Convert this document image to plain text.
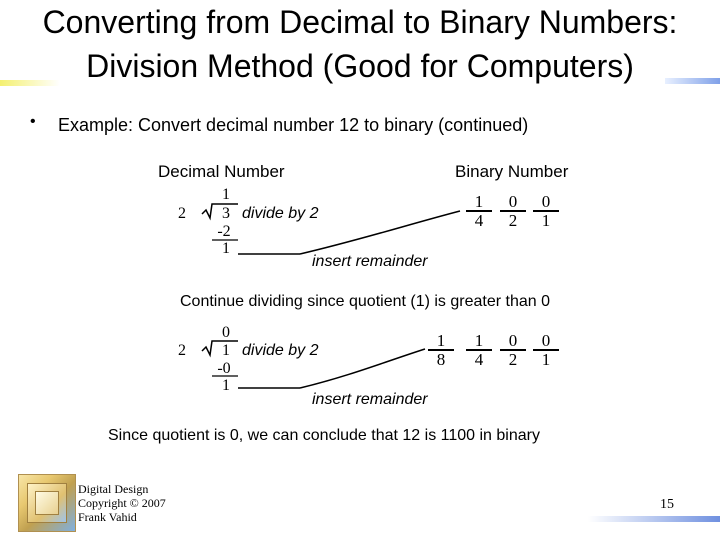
Converting from Decimal to Binary Numbers: Division Method (Good for Computers)
• Example: Convert decimal number 12 to binary (continued)
Decimal Number	Binary Number
2
1
3
-2
1
divide by 2
insert remainder
$\frac{1}{4} \frac{0}{2} \frac{0}{1}$
Continue dividing since quotient (1) is greater than 0
2
0
1
-0
1
divide by 2
insert remainder
$\frac{1}{8} \frac{1}{4} \frac{0}{2} \frac{0}{1}$
Since quotient is 0, we can conclude that 12 is 1100 in binary
Digital Design
Copyright © 2007
Frank Vahid
15
